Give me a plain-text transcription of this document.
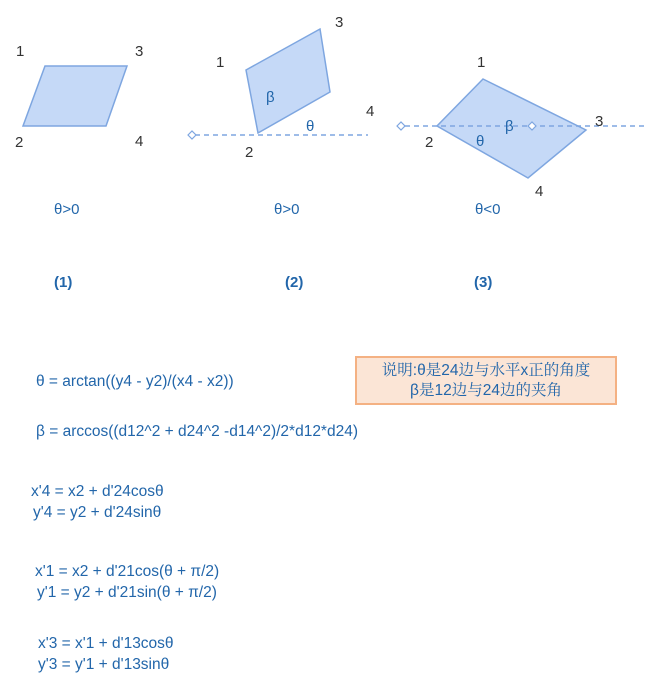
1
2
3
4
θ>0
(1)
1
2
3
4
β
θ
θ>0
(2)
1
2
3
4
β
θ
θ<0
(3)
说明:θ是24边与水平x正的角度
β是12边与24边的夹角
θ = arctan((y4 - y2)/(x4 - x2))
β = arccos((d12^2 + d24^2 -d14^2)/2*d12*d24)
x'4 = x2 + d'24cosθ
y'4 = y2 + d'24sinθ
x'1 = x2 + d'21cos(θ + π/2)
y'1 = y2 + d'21sin(θ + π/2)
x'3 = x'1 + d'13cosθ
y'3 = y'1 + d'13sinθ
